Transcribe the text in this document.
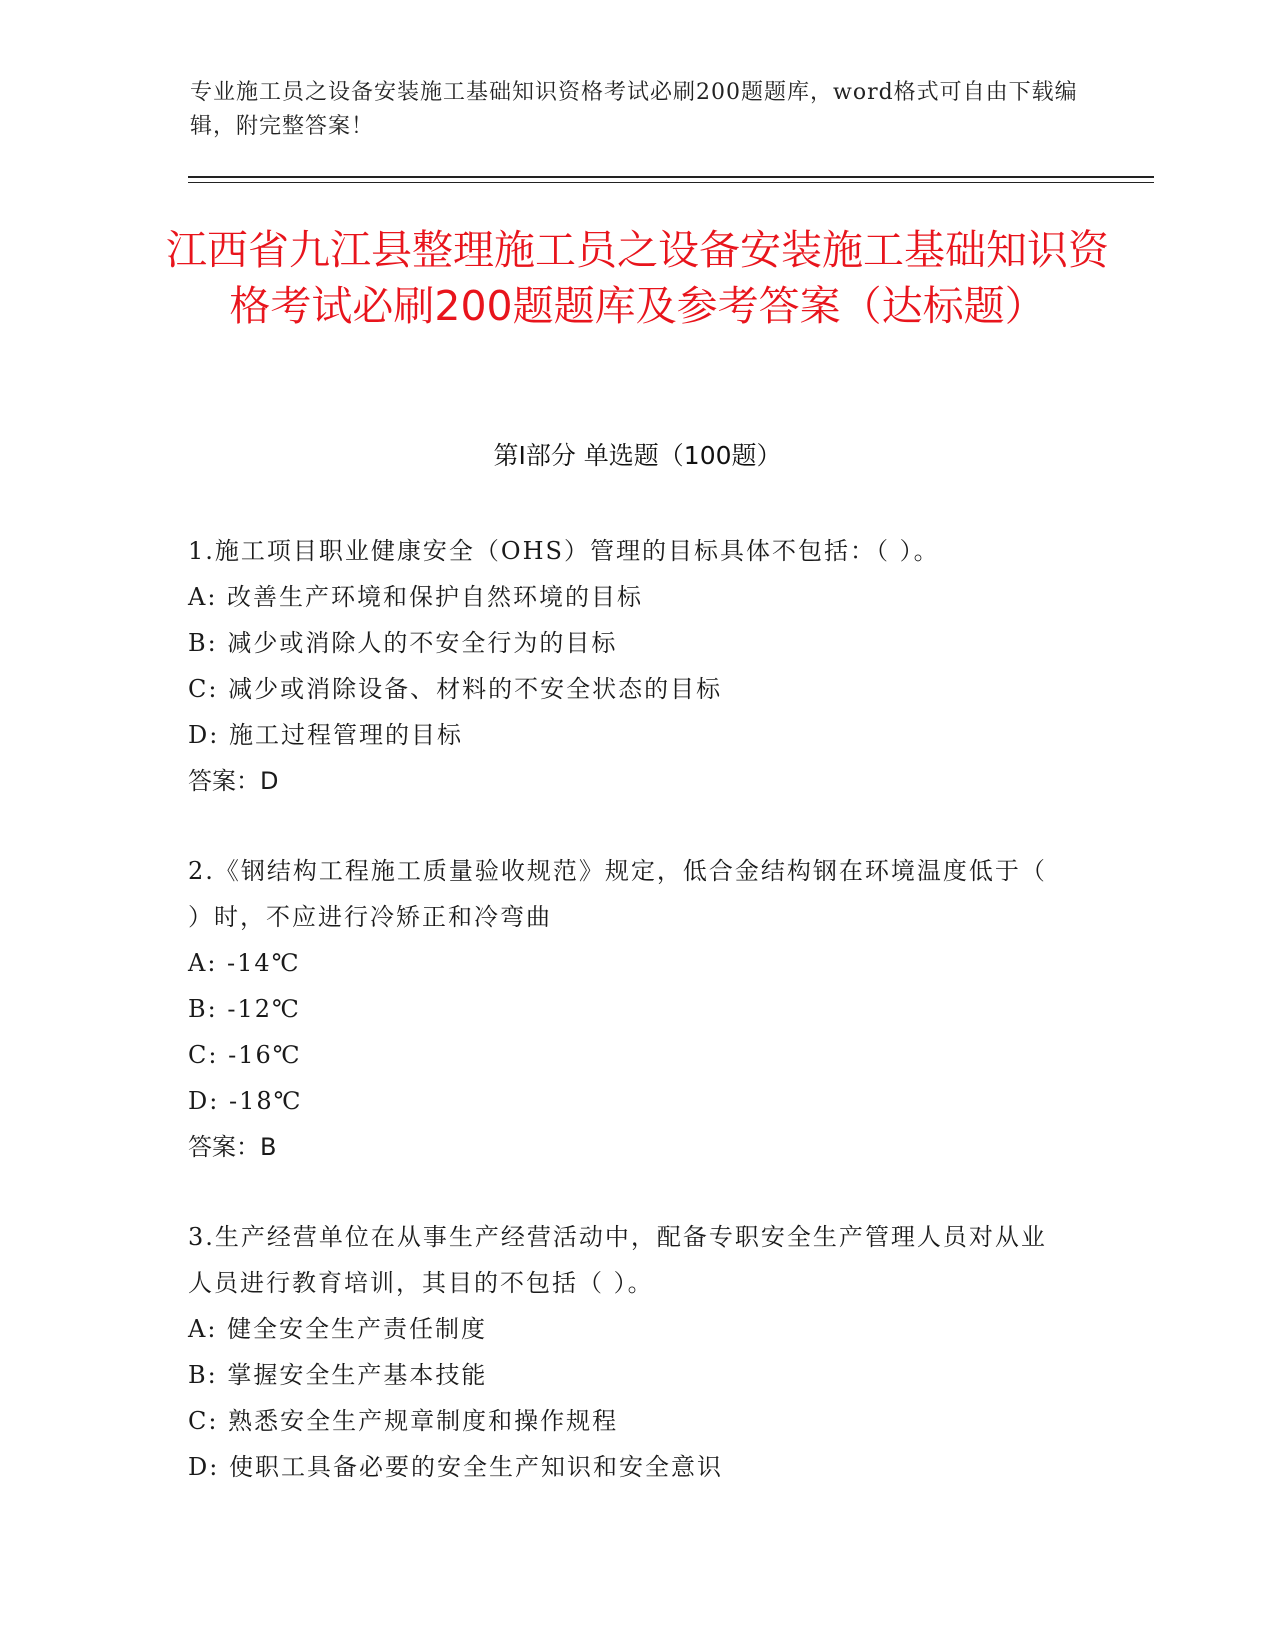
专业施工员之设备安装施工基础知识资格考试必刷200题题库，word格式可自由下载编辑，附完整答案！
江西省九江县整理施工员之设备安装施工基础知识资格考试必刷200题题库及参考答案（达标题）
第Ⅰ部分 单选题（100题）

1.施工项目职业健康安全（OHS）管理的目标具体不包括：（ ）。

A: 改善生产环境和保护自然环境的目标

B: 减少或消除人的不安全行为的目标

C: 减少或消除设备、材料的不安全状态的目标

D: 施工过程管理的目标

答案：D

2.《钢结构工程施工质量验收规范》规定，低合金结构钢在环境温度低于（ ）时，不应进行冷矫正和冷弯曲

A: -14℃

B: -12℃

C: -16℃

D: -18℃

答案：B

3.生产经营单位在从事生产经营活动中，配备专职安全生产管理人员对从业人员进行教育培训，其目的不包括（ ）。

A: 健全安全生产责任制度

B: 掌握安全生产基本技能

C: 熟悉安全生产规章制度和操作规程

D: 使职工具备必要的安全生产知识和安全意识
